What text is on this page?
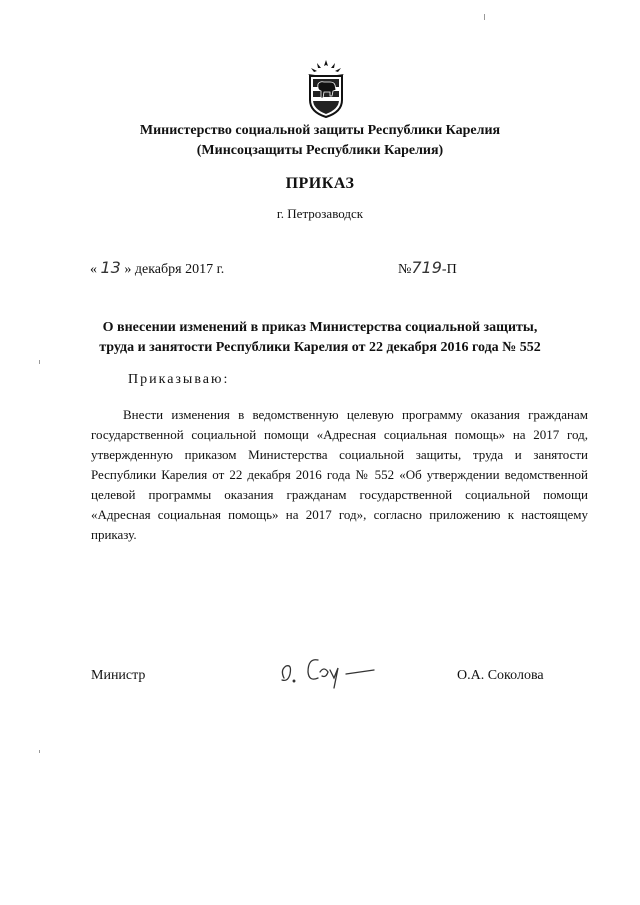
Министерство социальной защиты Республики Карелия
(Минсоцзащиты Республики Карелия)
ПРИКАЗ
г. Петрозаводск
« 13 » декабря 2017 г.	№719-П
О внесении изменений в приказ Министерства социальной защиты,
труда и занятости Республики Карелия от 22 декабря 2016 года № 552
Приказываю:
Внести изменения в ведомственную целевую программу оказания гражданам государственной социальной помощи «Адресная социальная помощь» на 2017 год, утвержденную приказом Министерства социальной защиты, труда и занятости Республики Карелия от 22 декабря 2016 года № 552 «Об утверждении ведомственной целевой программы оказания гражданам государственной социальной помощи «Адресная социальная помощь» на 2017 год», согласно приложению к настоящему приказу.
Министр	О.А. Соколова
